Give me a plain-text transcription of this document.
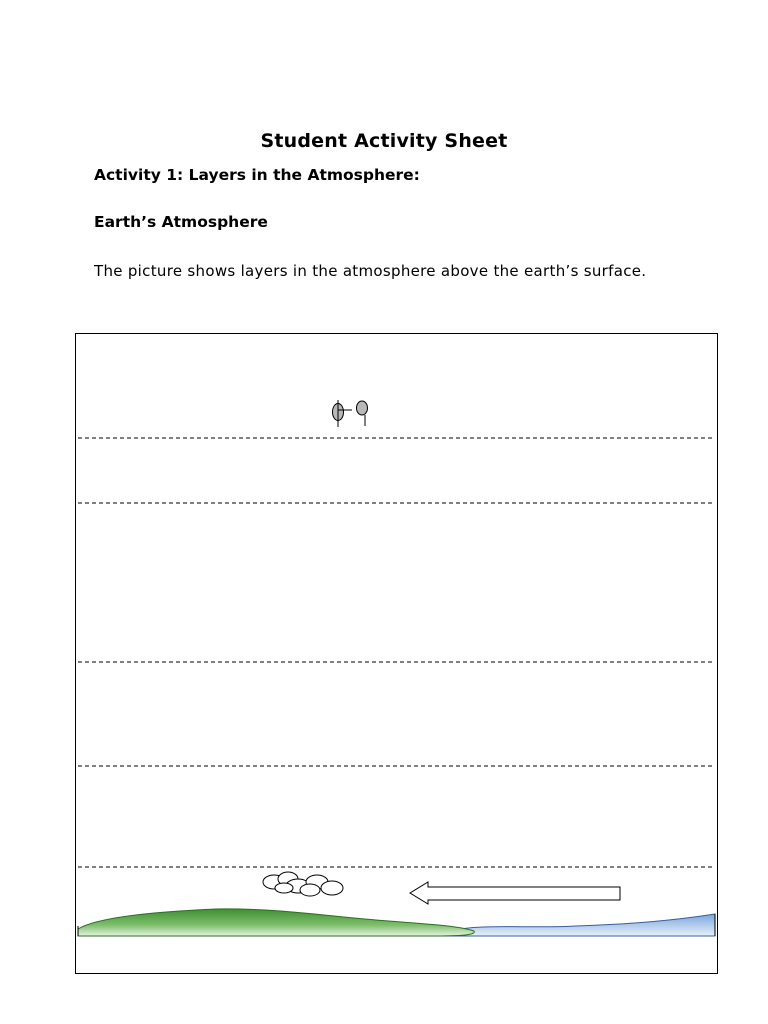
Student Activity Sheet
Activity 1: Layers in the Atmosphere:
Earth’s Atmosphere

The picture shows layers in the atmosphere above the earth’s surface.
